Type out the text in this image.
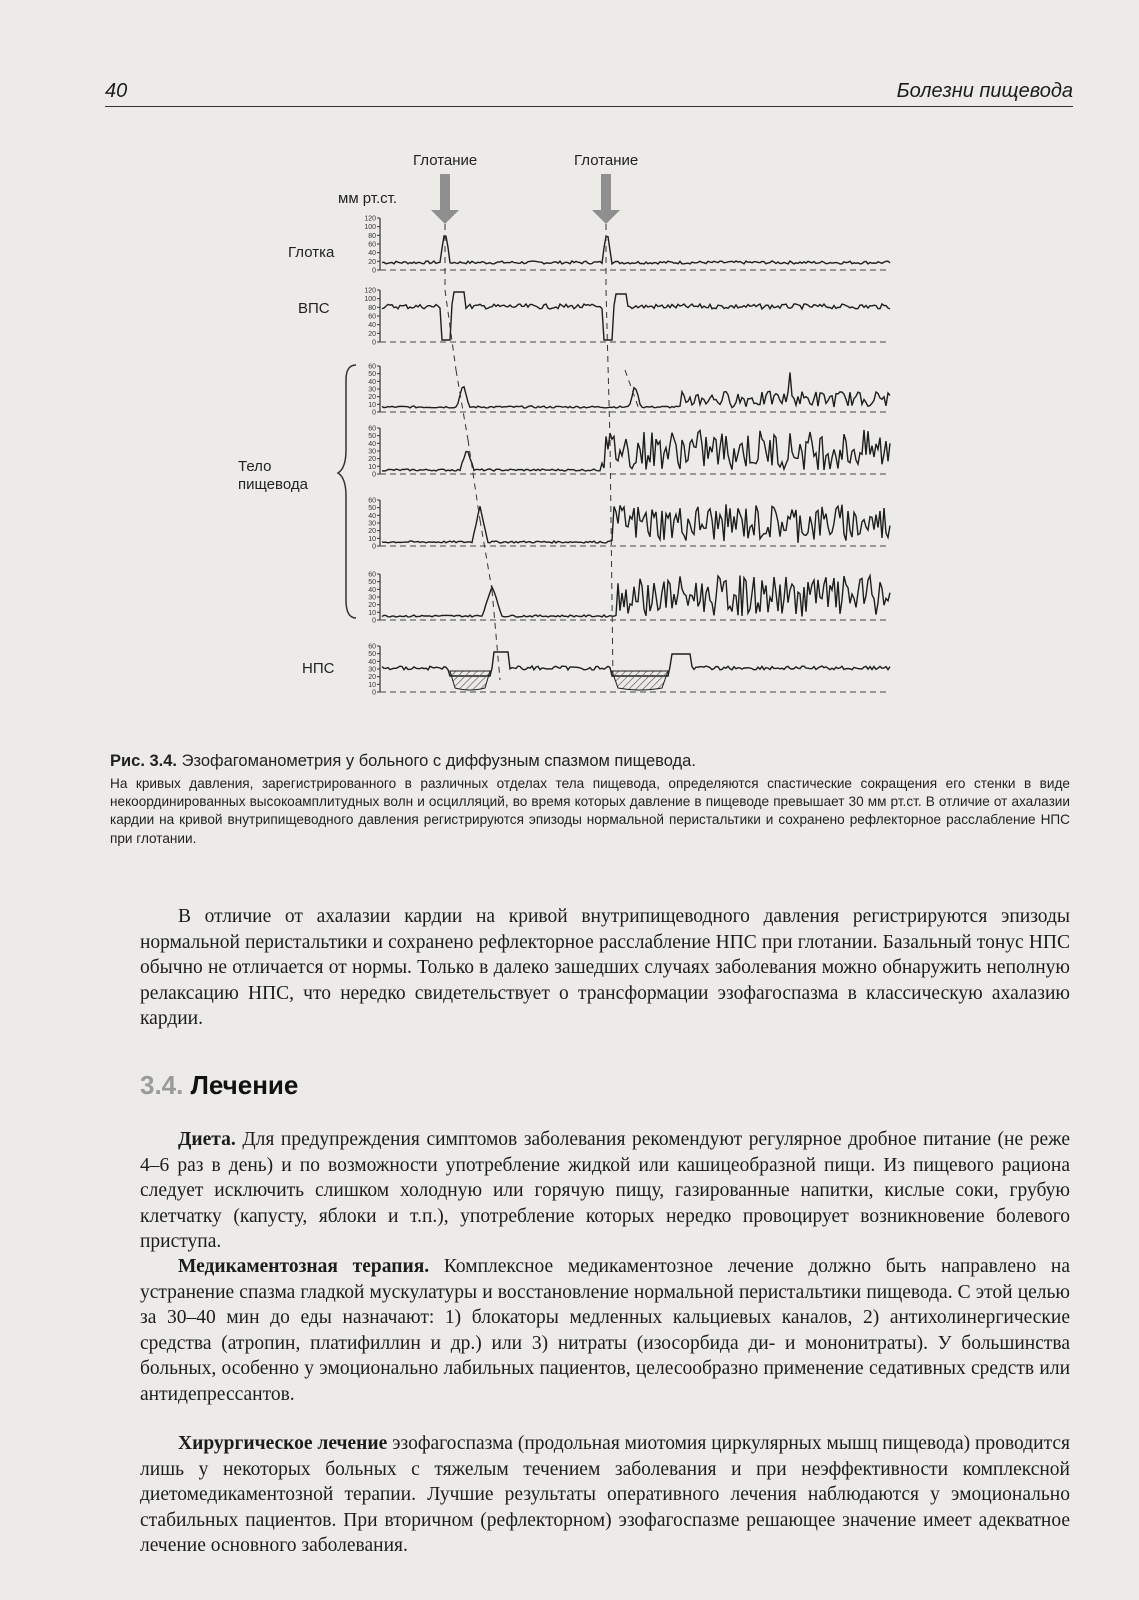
40	Болезни пищевода
120
100
80
60
40
20
0
120
100
80
60
40
20
0
60
50
40
30
20
10
0
60
50
40
30
20
10
0
60
50
40
30
20
10
0
60
50
40
30
20
10
0
60
50
40
30
20
10
0
Глотание	Глотание
мм рт.ст.
Глотка
ВПС
Тело
пищевода
НПС

Рис. 3.4. Эзофагоманометрия у больного с диффузным спазмом пищевода.

На кривых давления, зарегистрированного в различных отделах тела пищевода, определяются спастические сокращения его стенки в виде некоординированных высокоамплитудных волн и осцилляций, во время которых давление в пищеводе превышает 30 мм рт.ст. В отличие от ахалазии кардии на кривой внутрипищеводного давления регистрируются эпизоды нормальной перистальтики и сохранено рефлекторное расслабление НПС при глотании.

В отличие от ахалазии кардии на кривой внутрипищеводного давления регистрируются эпизоды нормальной перистальтики и сохранено рефлекторное расслабление НПС при глотании. Базальный тонус НПС обычно не отличается от нормы. Только в далеко зашедших случаях заболевания можно обнаружить неполную релаксацию НПС, что нередко свидетельствует о трансформации эзофагоспазма в классическую ахалазию кардии.

3.4. Лечение

Диета. Для предупреждения симптомов заболевания рекомендуют регулярное дробное питание (не реже 4–6 раз в день) и по возможности употребление жидкой или кашицеобразной пищи. Из пищевого рациона следует исключить слишком холодную или горячую пищу, газированные напитки, кислые соки, грубую клетчатку (капусту, яблоки и т.п.), употребление которых нередко провоцирует возникновение болевого приступа.

Медикаментозная терапия. Комплексное медикаментозное лечение должно быть направлено на устранение спазма гладкой мускулатуры и восстановление нормальной перистальтики пищевода. С этой целью за 30–40 мин до еды назначают: 1) блокаторы медленных кальциевых каналов, 2) антихолинергические средства (атропин, платифиллин и др.) или 3) нитраты (изосорбида ди- и мононитраты). У большинства больных, особенно у эмоционально лабильных пациентов, целесообразно применение седативных средств или антидепрессантов.

Хирургическое лечение эзофагоспазма (продольная миотомия циркулярных мышц пищевода) проводится лишь у некоторых больных с тяжелым течением заболевания и при неэффективности комплексной диетомедикаментозной терапии. Лучшие результаты оперативного лечения наблюдаются у эмоционально стабильных пациентов. При вторичном (рефлекторном) эзофагоспазме решающее значение имеет адекватное лечение основного заболевания.
